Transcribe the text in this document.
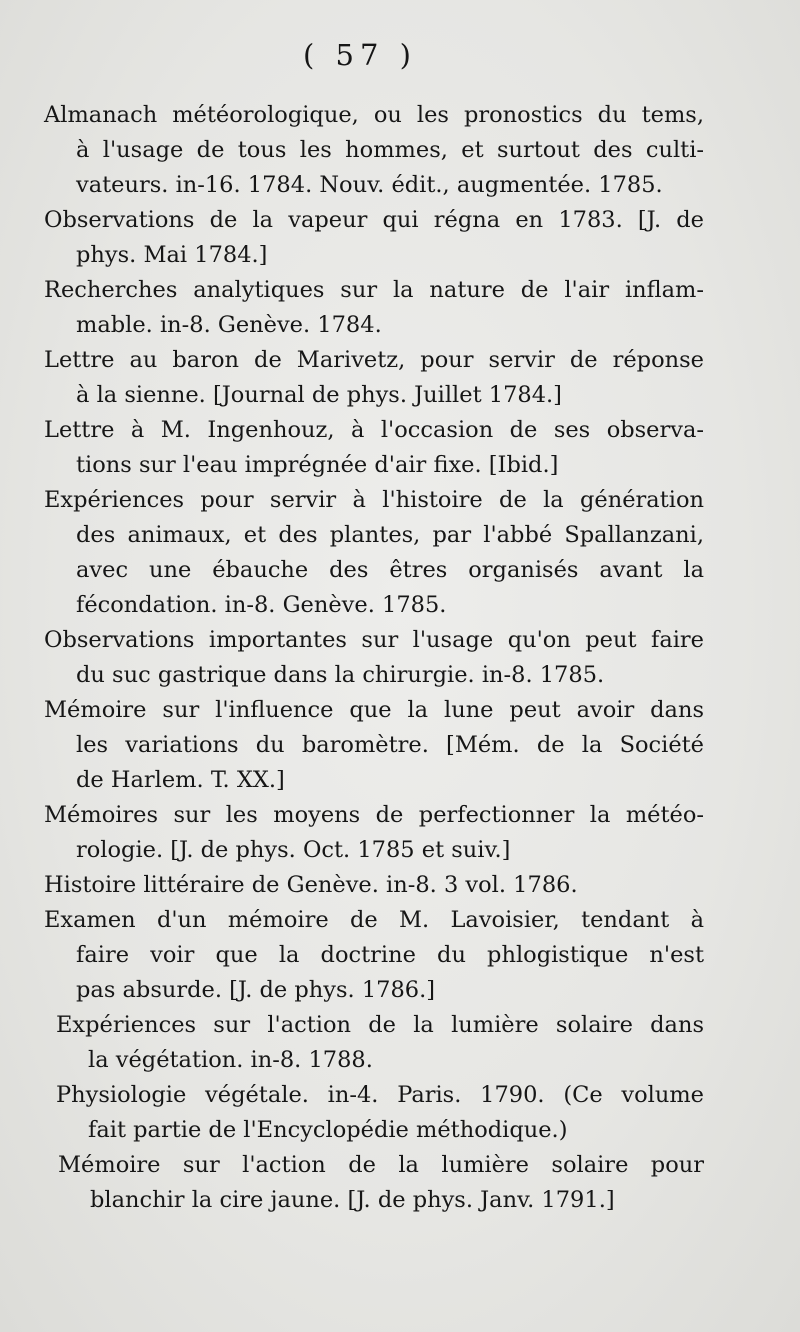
( 57 )
Almanach météorologique, ou les pronostics du tems,
à l'usage de tous les hommes, et surtout des culti-
vateurs. in-16. 1784. Nouv. édit., augmentée. 1785.
Observations de la vapeur qui régna en 1783. [J. de
phys. Mai 1784.]
Recherches analytiques sur la nature de l'air inflam-
mable. in-8. Genève. 1784.
Lettre au baron de Marivetz, pour servir de réponse
à la sienne. [Journal de phys. Juillet 1784.]
Lettre à M. Ingenhouz, à l'occasion de ses observa-
tions sur l'eau imprégnée d'air fixe. [Ibid.]
Expériences pour servir à l'histoire de la génération
des animaux, et des plantes, par l'abbé Spallanzani,
avec une ébauche des êtres organisés avant la
fécondation. in-8. Genève. 1785.
Observations importantes sur l'usage qu'on peut faire
du suc gastrique dans la chirurgie. in-8. 1785.
Mémoire sur l'influence que la lune peut avoir dans
les variations du baromètre. [Mém. de la Société
de Harlem. T. XX.]
Mémoires sur les moyens de perfectionner la météo-
rologie. [J. de phys. Oct. 1785 et suiv.]
Histoire littéraire de Genève. in-8. 3 vol. 1786.
Examen d'un mémoire de M. Lavoisier, tendant à
faire voir que la doctrine du phlogistique n'est
pas absurde. [J. de phys. 1786.]
Expériences sur l'action de la lumière solaire dans
la végétation. in-8. 1788.
Physiologie végétale. in-4. Paris. 1790. (Ce volume
fait partie de l'Encyclopédie méthodique.)
Mémoire sur l'action de la lumière solaire pour
blanchir la cire jaune. [J. de phys. Janv. 1791.]
